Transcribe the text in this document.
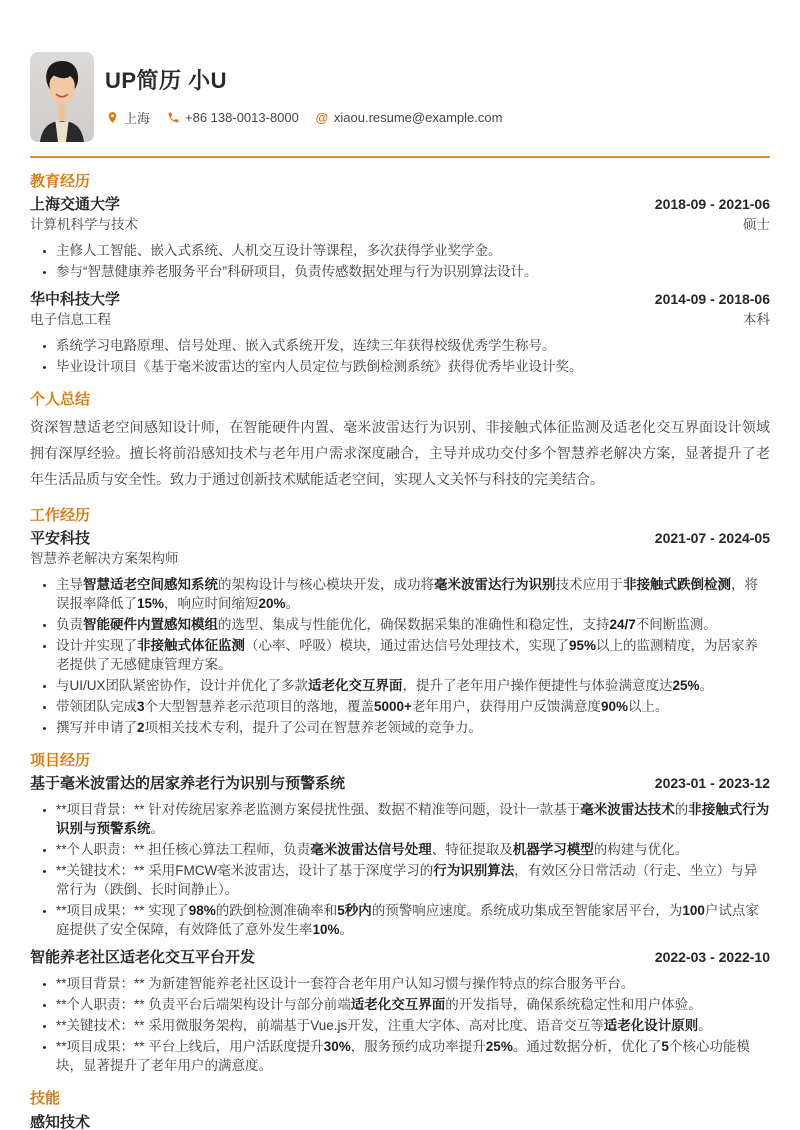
UP简历 小U
上海	+86 138-0013-8000 @ xiaou.resume@example.com
教育经历
上海交通大学	2018-09 - 2021-06
计算机科学与技术	硕士
• 主修人工智能、嵌入式系统、人机交互设计等课程，多次获得学业奖学金。
• 参与“智慧健康养老服务平台”科研项目，负责传感数据处理与行为识别算法设计。
华中科技大学	2014-09 - 2018-06
电子信息工程	本科
• 系统学习电路原理、信号处理、嵌入式系统开发，连续三年获得校级优秀学生称号。
• 毕业设计项目《基于毫米波雷达的室内人员定位与跌倒检测系统》获得优秀毕业设计奖。
个人总结
资深智慧适老空间感知设计师，在智能硬件内置、毫米波雷达行为识别、非接触式体征监测及适老化交互界面设计领域拥有深厚经验。擅长将前沿感知技术与老年用户需求深度融合，主导并成功交付多个智慧养老解决方案，显著提升了老年生活品质与安全性。致力于通过创新技术赋能适老空间，实现人文关怀与科技的完美结合。
工作经历
平安科技	2021-07 - 2024-05
智慧养老解决方案架构师
• 主导智慧适老空间感知系统的架构设计与核心模块开发，成功将毫米波雷达行为识别技术应用于非接触式跌倒检测，将误报率降低了15%，响应时间缩短20%。
• 负责智能硬件内置感知模组的选型、集成与性能优化，确保数据采集的准确性和稳定性，支持24/7不间断监测。
• 设计并实现了非接触式体征监测（心率、呼吸）模块，通过雷达信号处理技术，实现了95%以上的监测精度，为居家养老提供了无感健康管理方案。
• 与UI/UX团队紧密协作，设计并优化了多款适老化交互界面，提升了老年用户操作便捷性与体验满意度达25%。
• 带领团队完成3个大型智慧养老示范项目的落地，覆盖5000+老年用户，获得用户反馈满意度90%以上。
• 撰写并申请了2项相关技术专利，提升了公司在智慧养老领域的竞争力。
项目经历
基于毫米波雷达的居家养老行为识别与预警系统	2023-01 - 2023-12
• **项目背景：** 针对传统居家养老监测方案侵扰性强、数据不精准等问题，设计一款基于毫米波雷达技术的非接触式行为识别与预警系统。
• **个人职责：** 担任核心算法工程师，负责毫米波雷达信号处理、特征提取及机器学习模型的构建与优化。
• **关键技术：** 采用FMCW毫米波雷达，设计了基于深度学习的行为识别算法，有效区分日常活动（行走、坐立）与异常行为（跌倒、长时间静止）。
• **项目成果：** 实现了98%的跌倒检测准确率和5秒内的预警响应速度。系统成功集成至智能家居平台，为100户试点家庭提供了安全保障，有效降低了意外发生率10%。
智能养老社区适老化交互平台开发	2022-03 - 2022-10
• **项目背景：** 为新建智能养老社区设计一套符合老年用户认知习惯与操作特点的综合服务平台。
• **个人职责：** 负责平台后端架构设计与部分前端适老化交互界面的开发指导，确保系统稳定性和用户体验。
• **关键技术：** 采用微服务架构，前端基于Vue.js开发，注重大字体、高对比度、语音交互等适老化设计原则。
• **项目成果：** 平台上线后，用户活跃度提升30%，服务预约成功率提升25%。通过数据分析，优化了5个核心功能模块，显著提升了老年用户的满意度。
技能
感知技术
